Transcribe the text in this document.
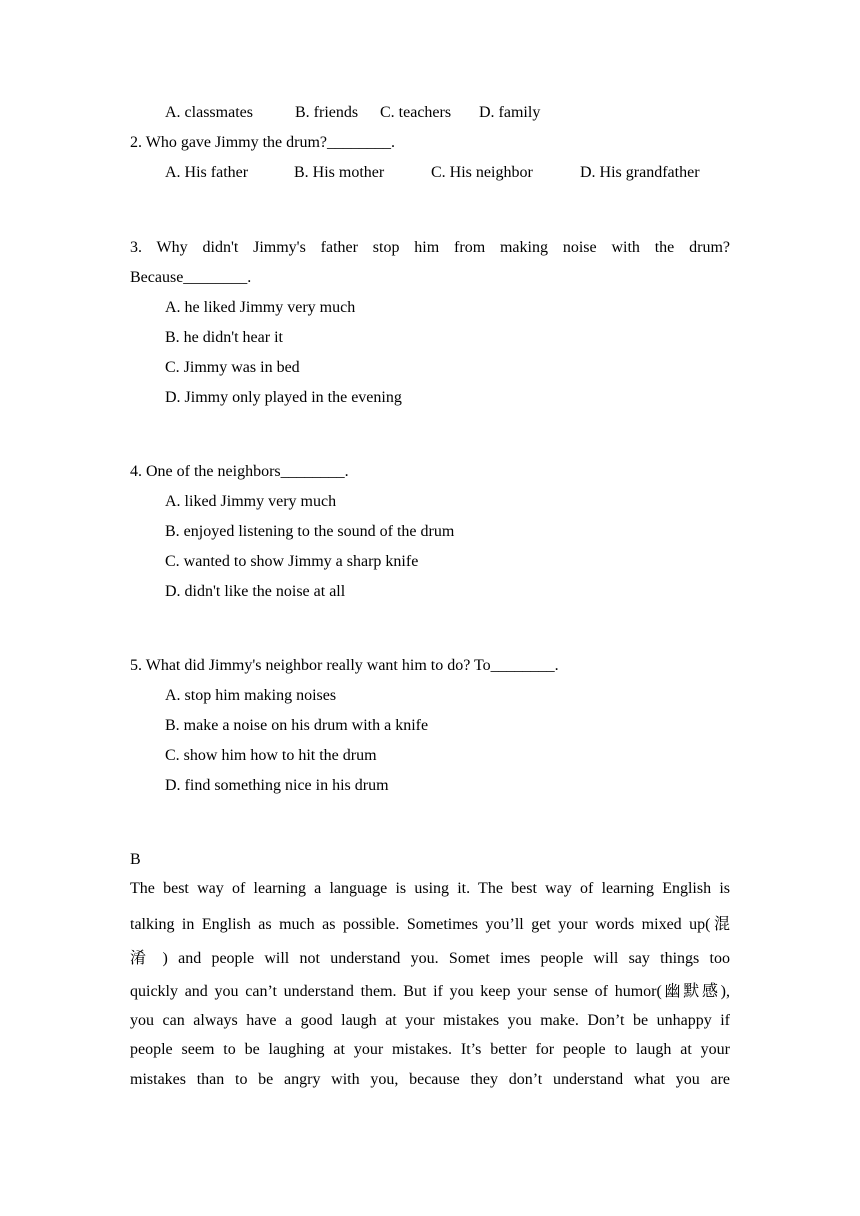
A. classmates	B. friends C. teachers D. family
2. Who gave Jimmy the drum?________.
A. His father	B. His mother	C. His neighbor	D. His grandfather
3. Why didn't Jimmy's father stop him from making noise with the drum?
Because________.
A. he liked Jimmy very much
B. he didn't hear it
C. Jimmy was in bed
D. Jimmy only played in the evening
4. One of the neighbors________.
A. liked Jimmy very much
B. enjoyed listening to the sound of the drum
C. wanted to show Jimmy a sharp knife
D. didn't like the noise at all
5. What did Jimmy's neighbor really want him to do? To________.
A. stop him making noises
B. make a noise on his drum with a knife
C. show him how to hit the drum
D. find something nice in his drum
B
The best way of learning a language is using it. The best way of learning English is
talking in English as much as possible. Sometimes you’ll get your words mixed up(混
淆 ) and people will not understand you. Somet imes people will say things too
quickly and you can’t understand them. But if you keep your sense of humor(幽默感),
you can always have a good laugh at your mistakes you make. Don’t be unhappy if
people seem to be laughing at your mistakes. It’s better for people to laugh at your
mistakes than to be angry with you, because they don’t understand what you are
